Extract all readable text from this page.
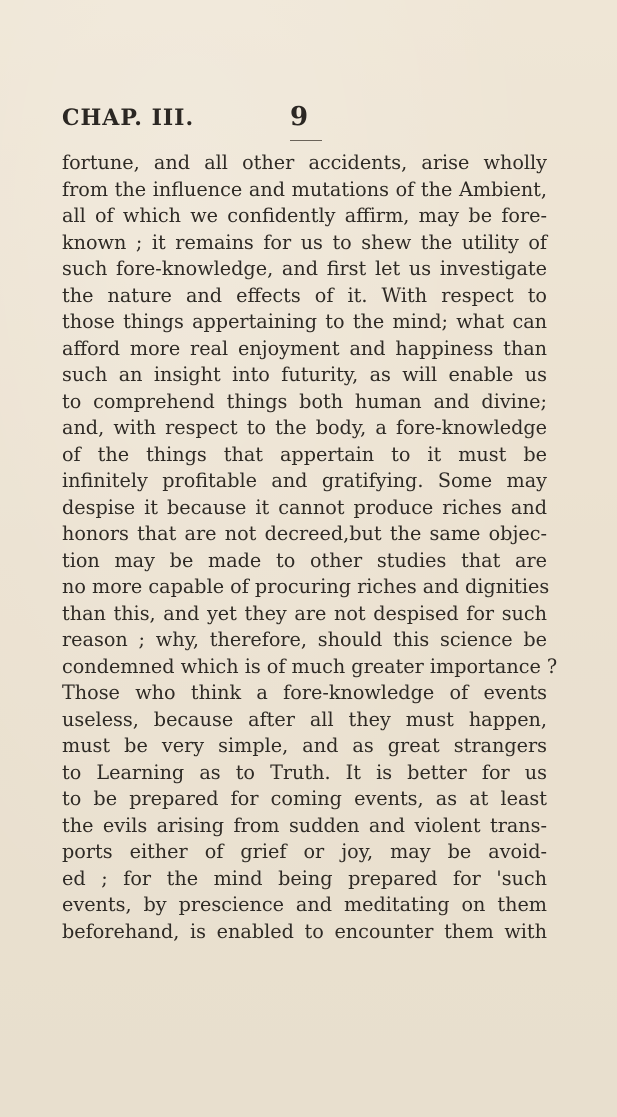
CHAP. III.	9
fortune, and all other accidents, arise wholly
from the influence and mutations of the Ambient,
all of which we confidently affirm, may be fore-
known ; it remains for us to shew the utility of
such fore-knowledge, and first let us investigate
the nature and effects of it. With respect to
those things appertaining to the mind; what can
afford more real enjoyment and happiness than
such an insight into futurity, as will enable us
to comprehend things both human and divine;
and, with respect to the body, a fore-knowledge
of the things that appertain to it must be
infinitely profitable and gratifying. Some may
despise it because it cannot produce riches and
honors that are not decreed,but the same objec-
tion may be made to other studies that are
no more capable of procuring riches and dignities
than this, and yet they are not despised for such
reason ; why, therefore, should this science be
condemned which is of much greater importance ?
Those who think a fore-knowledge of events
useless, because after all they must happen,
must be very simple, and as great strangers
to Learning as to Truth. It is better for us
to be prepared for coming events, as at least
the evils arising from sudden and violent trans-
ports either of grief or joy, may be avoid-
ed ; for the mind being prepared for 'such
events, by prescience and meditating on them
beforehand, is enabled to encounter them with
